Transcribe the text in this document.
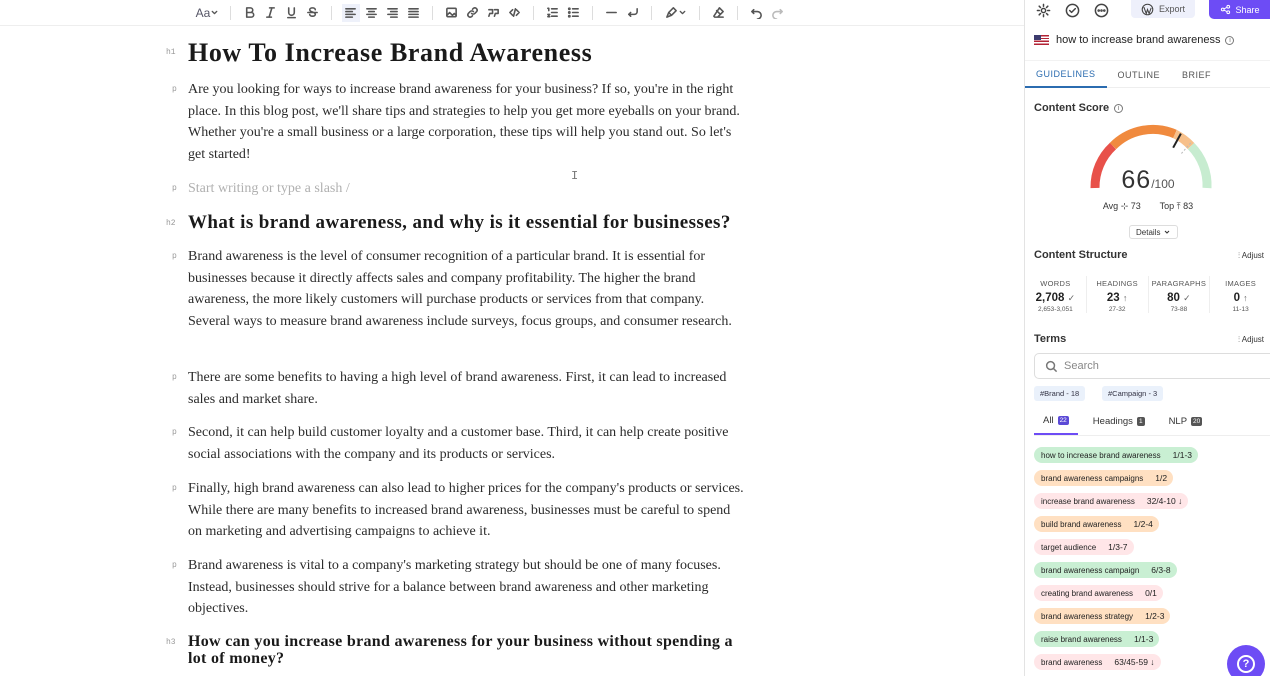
Aa
h1 How To Increase Brand Awareness
p Are you looking for ways to increase brand awareness for your business? If so, you're in the right place. In this blog post, we'll share tips and strategies to help you get more eyeballs on your brand. Whether you're a small business or a large corporation, these tips will help you stand out. So let's get started!
p Start writing or type a slash /
h2 What is brand awareness, and why is it essential for businesses?
p Brand awareness is the level of consumer recognition of a particular brand. It is essential for businesses because it directly affects sales and company profitability. The higher the brand awareness, the more likely customers will purchase products or services from that company. Several ways to measure brand awareness include surveys, focus groups, and consumer research.
p There are some benefits to having a high level of brand awareness. First, it can lead to increased sales and market share.
p Second, it can help build customer loyalty and a customer base. Third, it can help create positive social associations with the company and its products or services.
p Finally, high brand awareness can also lead to higher prices for the company's products or services. While there are many benefits to increased brand awareness, businesses must be careful to spend on marketing and advertising campaigns to achieve it.
p Brand awareness is vital to a company's marketing strategy but should be one of many focuses. Instead, businesses should strive for a balance between brand awareness and other marketing objectives.
h3 How can you increase brand awareness for your business without spending a lot of money?
I
Export	Share
how to increase brand awareness	i
GUIDELINES	OUTLINE	BRIEF
Content Score	i
66/100
Avg ⊹ 73 Top ⤒ 83
Details
Content Structure	⫶ Adjust
WORDS
2,708 ✓
2,653-3,051
HEADINGS
23 ↑
27-32
PARAGRAPHS
80 ✓
73-88
IMAGES
0 ↑
11-13
Terms	⫶ Adjust
Search
#Brand - 18	#Campaign - 3
All 22	Headings 1	NLP 20
how to increase brand awareness	1/1-3
brand awareness campaigns	1/2
increase brand awareness	32/4-10 ↓
build brand awareness	1/2-4
target audience	1/3-7
brand awareness campaign	6/3-8
creating brand awareness	0/1
brand awareness strategy	1/2-3
raise brand awareness	1/1-3
brand awareness	63/45-59 ↓	?
